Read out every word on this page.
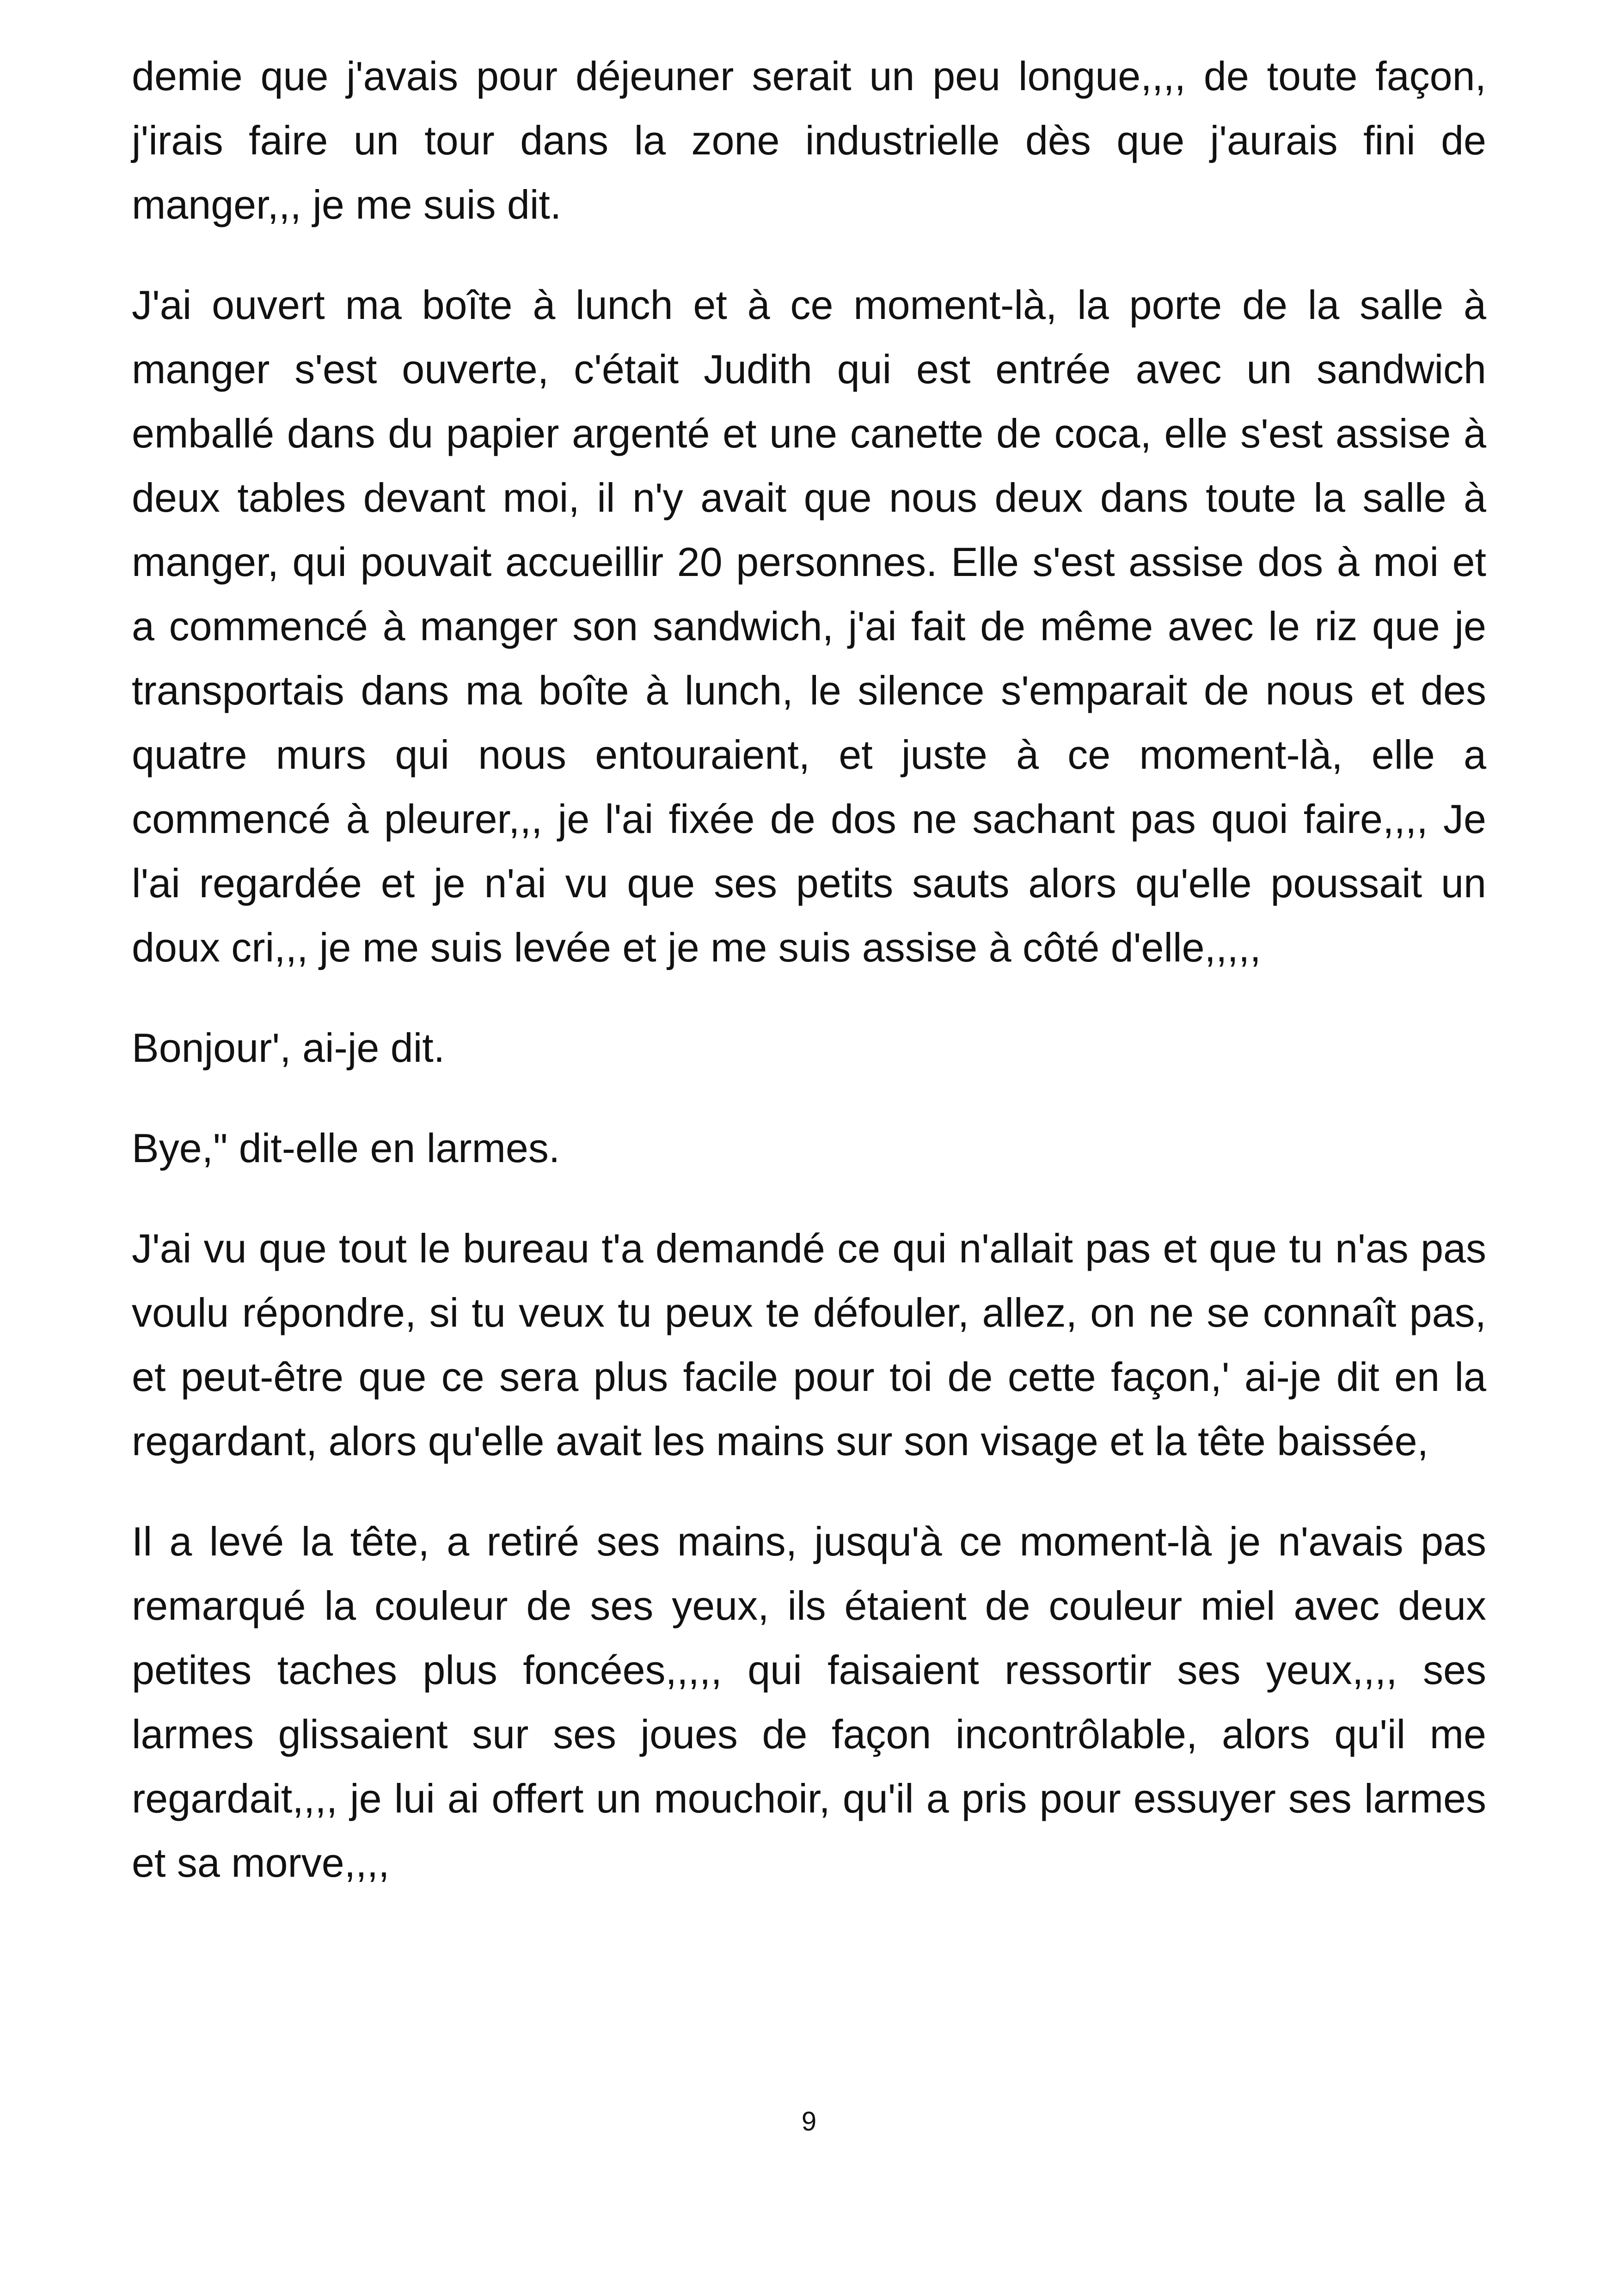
demie que j'avais pour déjeuner serait un peu longue,,,, de toute façon, j'irais faire un tour dans la zone industrielle dès que j'aurais fini de manger,,, je me suis dit.

J'ai ouvert ma boîte à lunch et à ce moment-là, la porte de la salle à manger s'est ouverte, c'était Judith qui est entrée avec un sandwich emballé dans du papier argenté et une canette de coca, elle s'est assise à deux tables devant moi, il n'y avait que nous deux dans toute la salle à manger, qui pouvait accueillir 20 personnes. Elle s'est assise dos à moi et a commencé à manger son sandwich, j'ai fait de même avec le riz que je transportais dans ma boîte à lunch, le silence s'emparait de nous et des quatre murs qui nous entouraient, et juste à ce moment-là, elle a commencé à pleurer,,, je l'ai fixée de dos ne sachant pas quoi faire,,,, Je l'ai regardée et je n'ai vu que ses petits sauts alors qu'elle poussait un doux cri,,, je me suis levée et je me suis assise à côté d'elle,,,,,

Bonjour', ai-je dit.

Bye," dit-elle en larmes.

J'ai vu que tout le bureau t'a demandé ce qui n'allait pas et que tu n'as pas voulu répondre, si tu veux tu peux te défouler, allez, on ne se connaît pas, et peut-être que ce sera plus facile pour toi de cette façon,' ai-je dit en la regardant, alors qu'elle avait les mains sur son visage et la tête baissée,

Il a levé la tête, a retiré ses mains, jusqu'à ce moment-là je n'avais pas remarqué la couleur de ses yeux, ils étaient de couleur miel avec deux petites taches plus foncées,,,,, qui faisaient ressortir ses yeux,,,, ses larmes glissaient sur ses joues de façon incontrôlable, alors qu'il me regardait,,,, je lui ai offert un mouchoir, qu'il a pris pour essuyer ses larmes et sa morve,,,,

9
